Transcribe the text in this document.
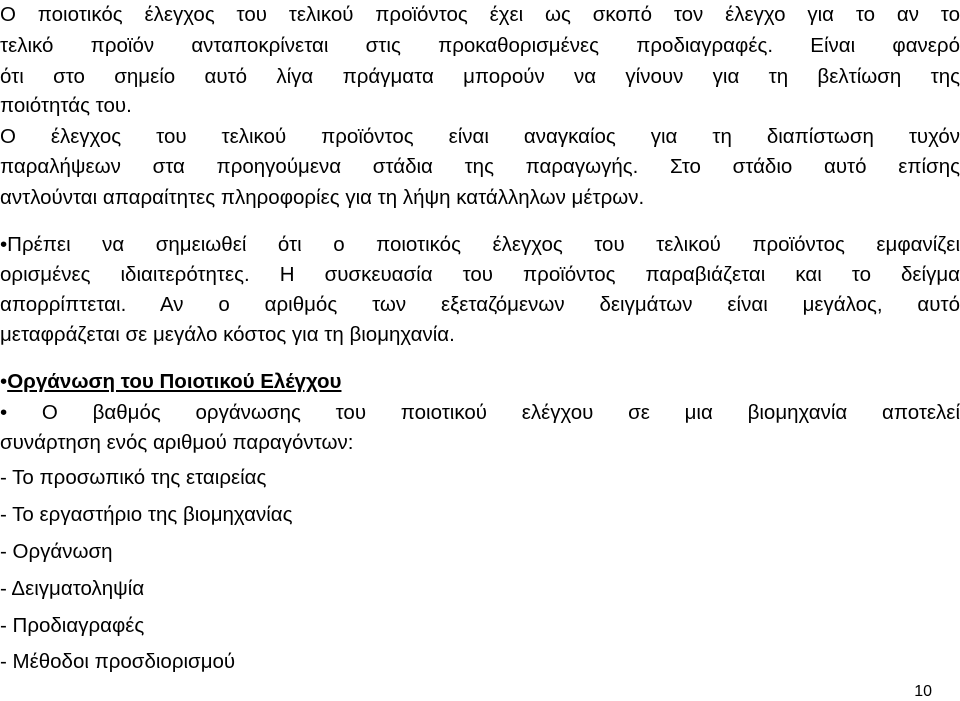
Ο ποιοτικός έλεγχος του τελικού προϊόντος έχει ως σκοπό τον έλεγχο για το αν το
τελικό προϊόν ανταποκρίνεται στις προκαθορισμένες προδιαγραφές. Είναι φανερό
ότι στο σημείο αυτό λίγα πράγματα μπορούν να γίνουν για τη βελτίωση της
ποιότητάς του.
Ο έλεγχος του τελικού προϊόντος είναι αναγκαίος για τη διαπίστωση τυχόν
παραλήψεων στα προηγούμενα στάδια της παραγωγής. Στο στάδιο αυτό επίσης
αντλούνται απαραίτητες πληροφορίες για τη λήψη κατάλληλων μέτρων.
•Πρέπει να σημειωθεί ότι ο ποιοτικός έλεγχος του τελικού προϊόντος εμφανίζει
ορισμένες ιδιαιτερότητες. Η συσκευασία του προϊόντος παραβιάζεται και το δείγμα
απορρίπτεται. Αν ο αριθμός των εξεταζόμενων δειγμάτων είναι μεγάλος, αυτό
μεταφράζεται σε μεγάλο κόστος για τη βιομηχανία.
•Οργάνωση του Ποιοτικού Ελέγχου
• Ο βαθμός οργάνωσης του ποιοτικού ελέγχου σε μια βιομηχανία αποτελεί
συνάρτηση ενός αριθμού παραγόντων:
- Το προσωπικό της εταιρείας
- Το εργαστήριο της βιομηχανίας
- Οργάνωση
- Δειγματοληψία
- Προδιαγραφές
- Μέθοδοι προσδιορισμού
10
